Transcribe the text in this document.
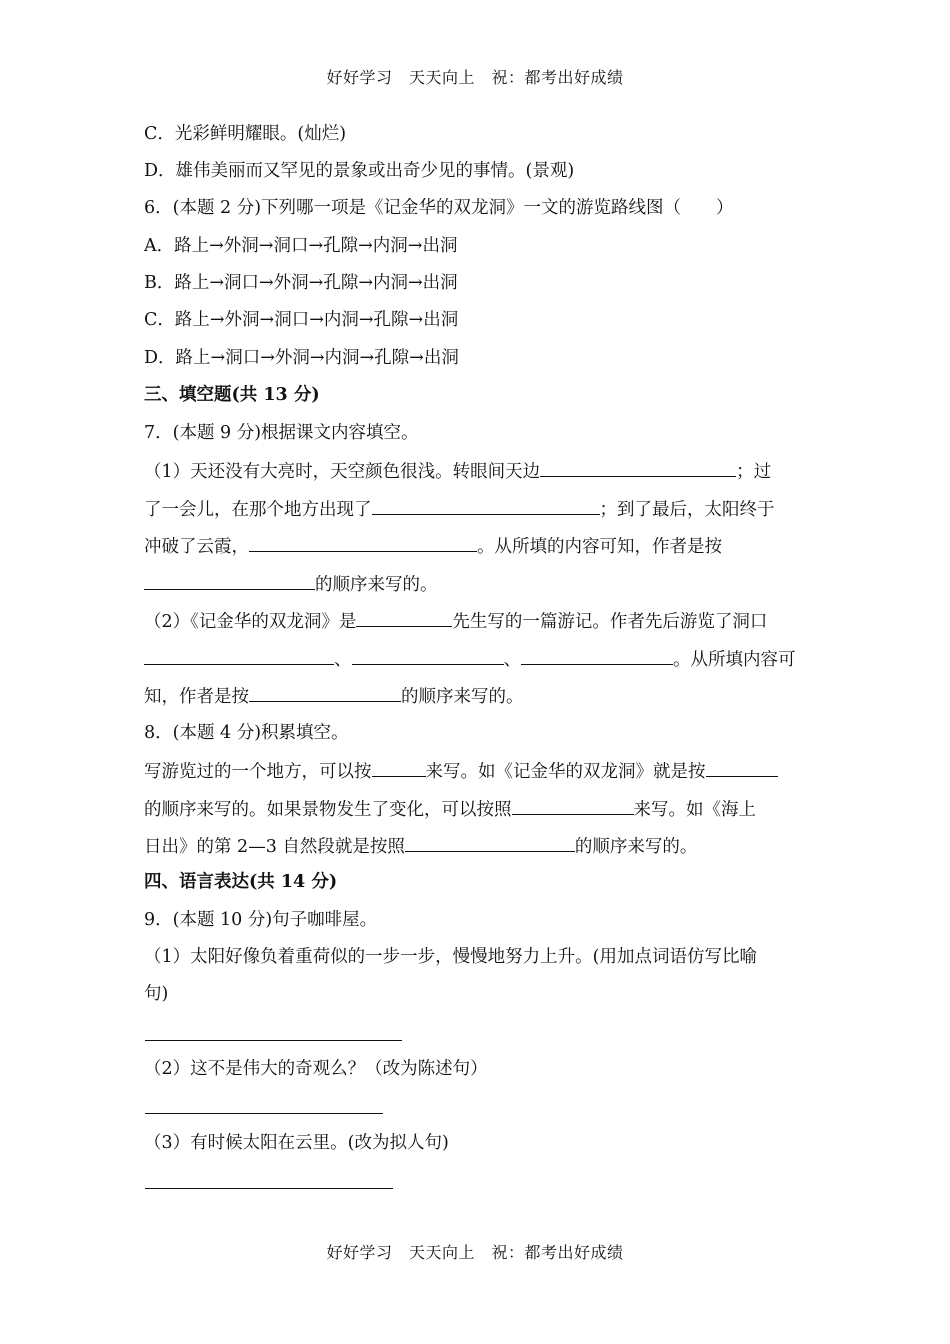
好好学习　天天向上　祝：都考出好成绩
C．光彩鲜明耀眼。(灿烂)
D．雄伟美丽而又罕见的景象或出奇少见的事情。(景观)
6．(本题 2 分)下列哪一项是《记金华的双龙洞》一文的游览路线图（　　）
A．路上→外洞→洞口→孔隙→内洞→出洞
B．路上→洞口→外洞→孔隙→内洞→出洞
C．路上→外洞→洞口→内洞→孔隙→出洞
D．路上→洞口→外洞→内洞→孔隙→出洞
三、填空题(共 13 分)
7．(本题 9 分)根据课文内容填空。
（1）天还没有大亮时，天空颜色很浅。转眼间天边	；过
了一会儿，在那个地方出现了	；到了最后，太阳终于
冲破了云霞，	。从所填的内容可知，作者是按
的顺序来写的。
（2）《记金华的双龙洞》是	先生写的一篇游记。作者先后游览了洞口
、	、	。从所填内容可
知，作者是按	的顺序来写的。
8．(本题 4 分)积累填空。
写游览过的一个地方，可以按	来写。如《记金华的双龙洞》就是按
的顺序来写的。如果景物发生了变化，可以按照	来写。如《海上
日出》的第 2—3 自然段就是按照	的顺序来写的。
四、语言表达(共 14 分)
9．(本题 10 分)句子咖啡屋。
（1）太阳好像负着重荷似的一步一步，慢慢地努力上升。(用加点词语仿写比喻
句)
（2）这不是伟大的奇观么？（改为陈述句）
（3）有时候太阳在云里。(改为拟人句)
好好学习　天天向上　祝：都考出好成绩
